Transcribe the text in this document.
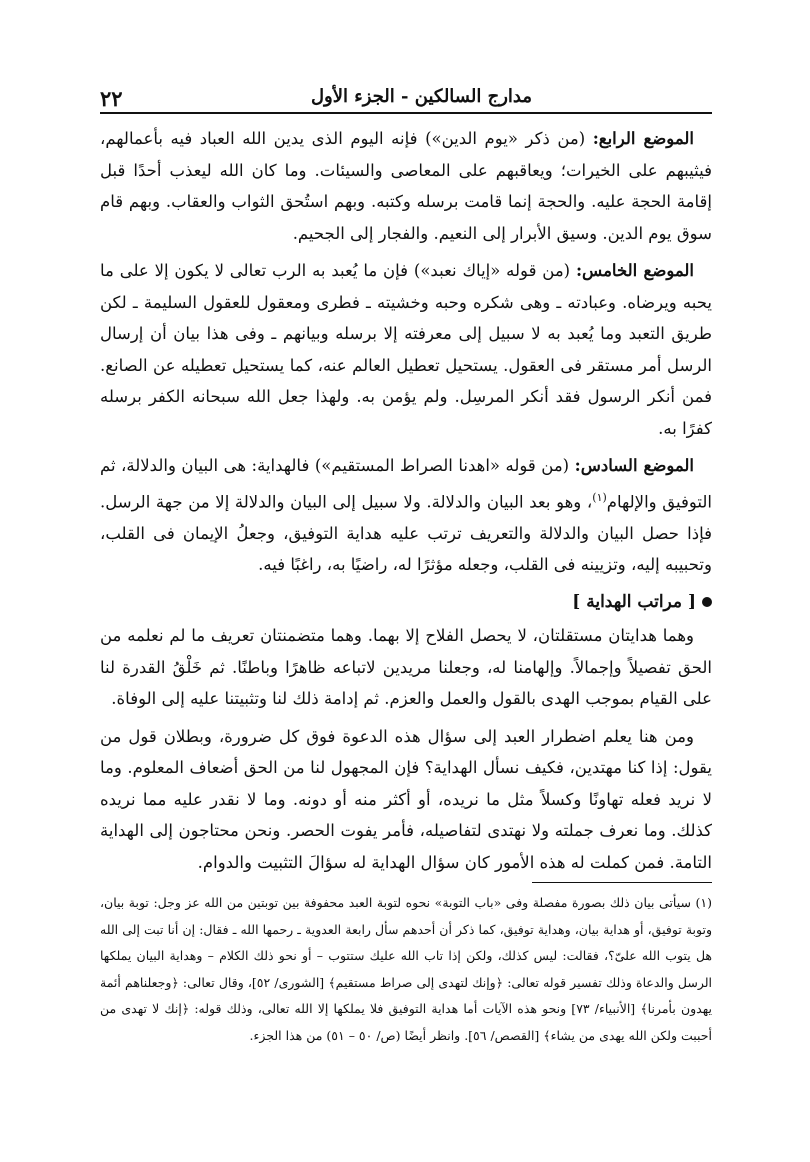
٢٢	مدارج السالكين - الجزء الأول

الموضع الرابع: (من ذكر «يوم الدين») فإنه اليوم الذى يدين الله العباد فيه بأعمالهم، فيثيبهم على الخيرات؛ ويعاقبهم على المعاصى والسيئات. وما كان الله ليعذب أحدًا قبل إقامة الحجة عليه. والحجة إنما قامت برسله وكتبه. وبهم استُحق الثواب والعقاب. وبهم قام سوق يوم الدين. وسيق الأبرار إلى النعيم. والفجار إلى الجحيم.

الموضع الخامس: (من قوله «إياك نعبد») فإن ما يُعبد به الرب تعالى لا يكون إلا على ما يحبه ويرضاه. وعبادته ـ وهى شكره وحبه وخشيته ـ فطرى ومعقول للعقول السليمة ـ لكن طريق التعبد وما يُعبد به لا سبيل إلى معرفته إلا برسله وبيانهم ـ وفى هذا بيان أن إرسال الرسل أمر مستقر فى العقول. يستحيل تعطيل العالم عنه، كما يستحيل تعطيله عن الصانع. فمن أنكر الرسول فقد أنكر المرسِل. ولم يؤمن به. ولهذا جعل الله سبحانه الكفر برسله كفرًا به.

الموضع السادس: (من قوله «اهدنا الصراط المستقيم») فالهداية: هى البيان والدلالة، ثم التوفيق والإلهام$^{(١)}$، وهو بعد البيان والدلالة. ولا سبيل إلى البيان والدلالة إلا من جهة الرسل. فإذا حصل البيان والدلالة والتعريف ترتب عليه هداية التوفيق، وجعلُ الإيمان فى القلب، وتحبيبه إليه، وتزيينه فى القلب، وجعله مؤثرًا له، راضيًا به، راغبًا فيه.

[ مراتب الهداية ]

وهما هدايتان مستقلتان، لا يحصل الفلاح إلا بهما. وهما متضمنتان تعريف ما لم نعلمه من الحق تفصيلاً وإجمالاً. وإلهامنا له، وجعلنا مريدين لاتباعه ظاهرًا وباطنًا. ثم خَلْقُ القدرة لنا على القيام بموجب الهدى بالقول والعمل والعزم. ثم إدامة ذلك لنا وتثبيتنا عليه إلى الوفاة.

ومن هنا يعلم اضطرار العبد إلى سؤال هذه الدعوة فوق كل ضرورة، وبطلان قول من يقول: إذا كنا مهتدين، فكيف نسأل الهداية؟ فإن المجهول لنا من الحق أضعاف المعلوم. وما لا نريد فعله تهاونًا وكسلاً مثل ما نريده، أو أكثر منه أو دونه. وما لا نقدر عليه مما نريده كذلك. وما نعرف جملته ولا نهتدى لتفاصيله، فأمر يفوت الحصر. ونحن محتاجون إلى الهداية التامة. فمن كملت له هذه الأمور كان سؤال الهداية له سؤالَ التثبيت والدوام.

(١) سيأتى بيان ذلك بصورة مفصلة وفى «باب التوبة» نحوه لتوبة العبد محفوفة بين توبتين من الله عز وجل: توبة بيان، وتوبة توفيق، أو هداية بيان، وهداية توفيق، كما ذكر أن أحدهم سأل رابعة العدوية ـ رحمها الله ـ فقال: إن أنا تبت إلى الله هل يتوب الله علىّ؟، فقالت: ليس كذلك، ولكن إذا تاب الله عليك ستتوب – أو نحو ذلك الكلام – وهداية البيان يملكها الرسل والدعاة وذلك تفسير قوله تعالى: ﴿وإنك لتهدى إلى صراط مستقيم﴾ [الشورى/ ٥٢]، وقال تعالى: ﴿وجعلناهم أئمة يهدون بأمرنا﴾ [الأنبياء/ ٧٣] ونحو هذه الآيات أما هداية التوفيق فلا يملكها إلا الله تعالى، وذلك قوله: ﴿إنك لا تهدى من أحببت ولكن الله يهدى من يشاء﴾ [القصص/ ٥٦]. وانظر أيضًا (ص/ ٥٠ – ٥١) من هذا الجزء.
